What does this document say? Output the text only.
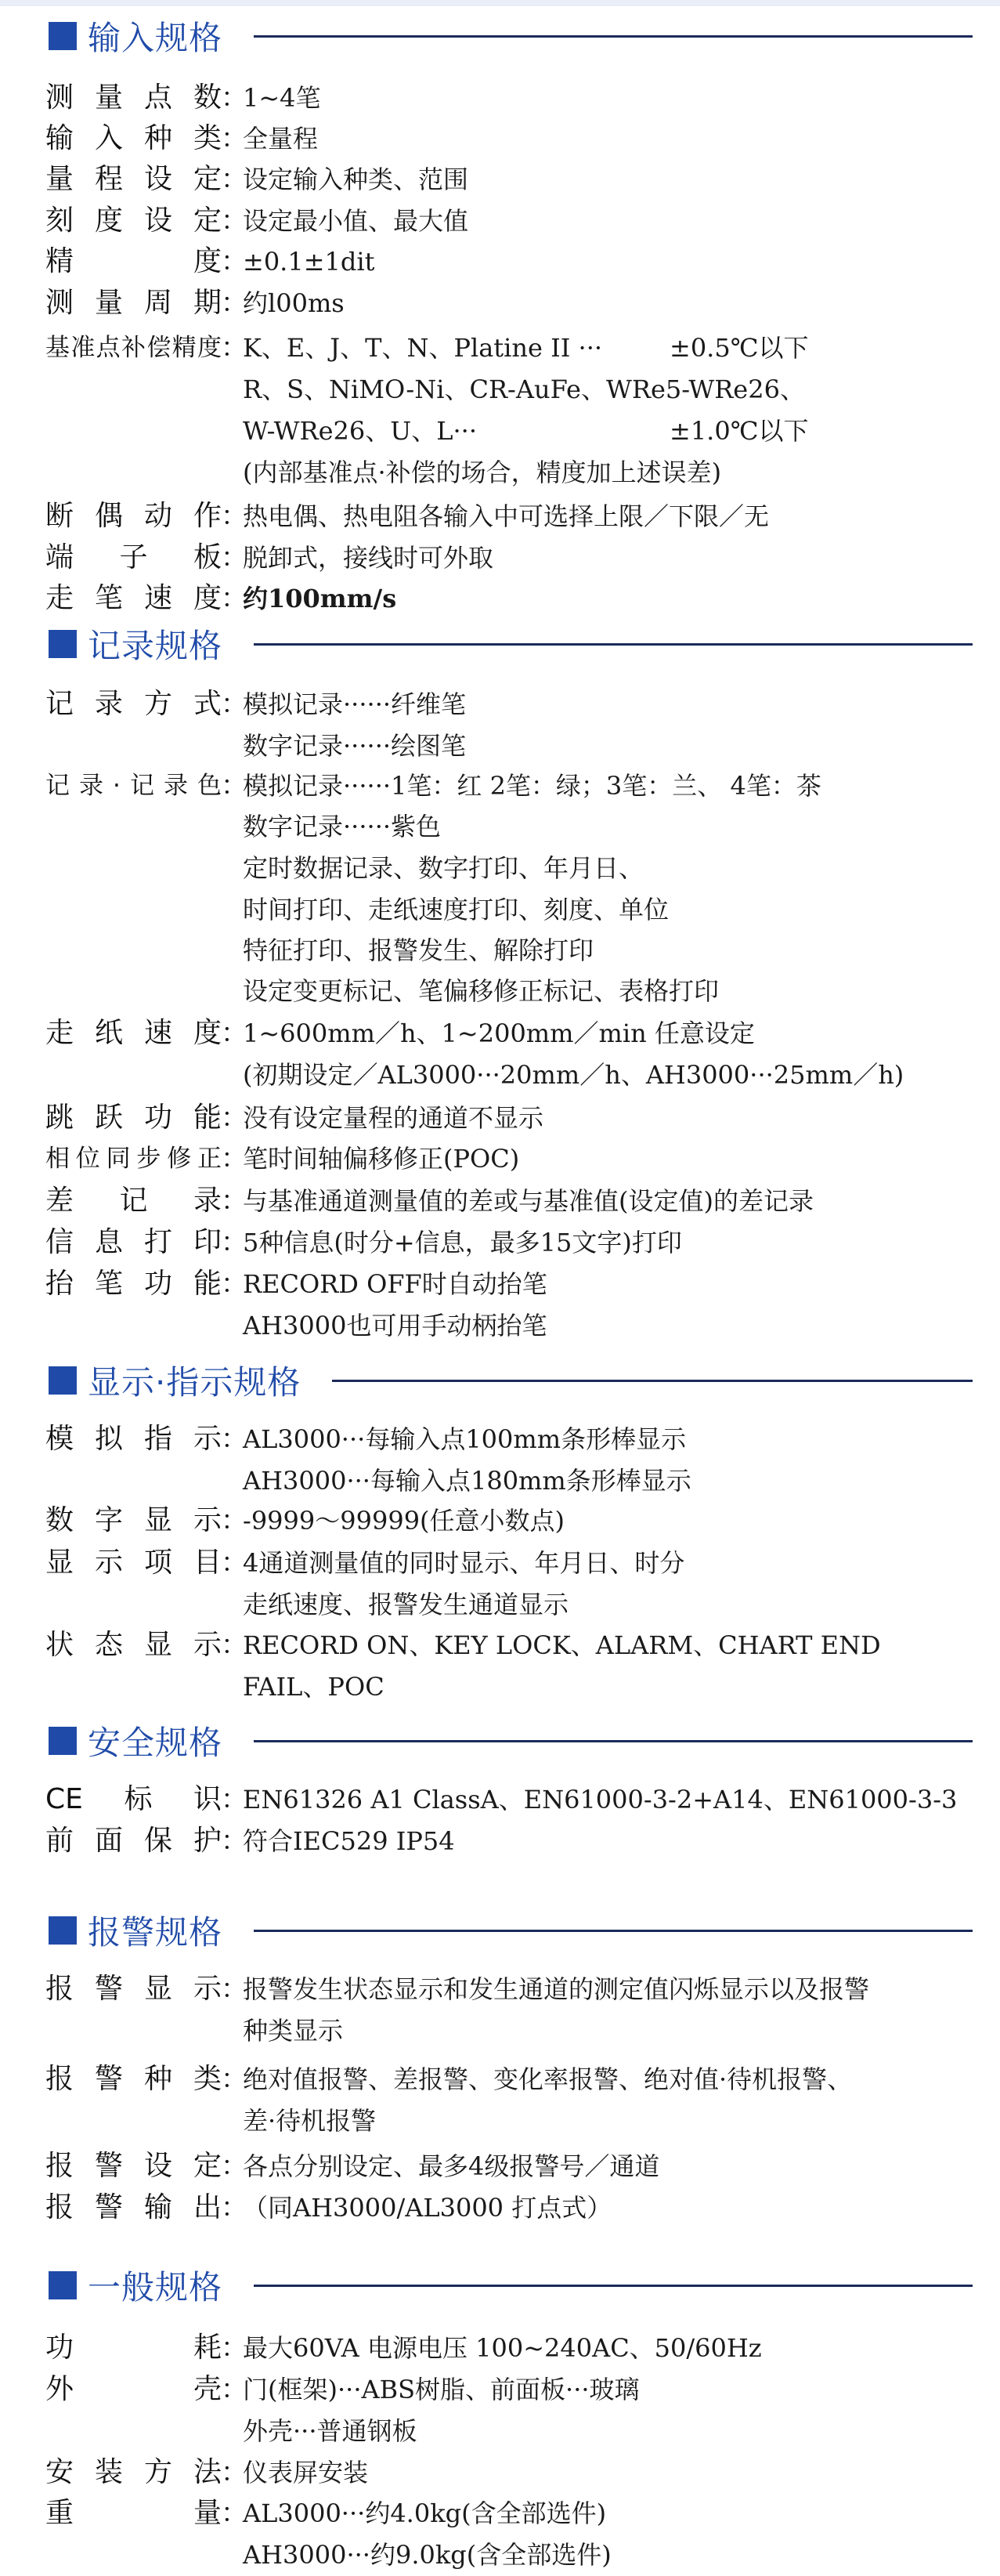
输入规格
测量点数 ：
1~4笔
输入种类 ：
全量程
量程设定 ：
设定输入种类、范围
刻度设定 ：
设定最小值、最大值
精度 ：
±0.1±1dit
测量周期 ：
约l00ms
基准点补偿精度 ：
K、E、J、T、N、Platine II ···	±0.5℃以下
R、S、NiMO-Ni、CR-AuFe、WRe5-WRe26、
W-WRe26、U、L···	±1.0℃以下
(内部基准点·补偿的场合，精度加上述误差)
断偶动作 ：
热电偶、热电阻各输入中可选择上限／下限／无
端子板 ：
脱卸式，接线时可外取
走笔速度 ：
约100mm/s
记录规格
记录方式 ：
模拟记录······纤维笔
数字记录······绘图笔
记录·记录色 ：
模拟记录······1笔：红 2笔：绿；3笔：兰、 4笔：茶
数字记录······紫色
定时数据记录、数字打印、年月日、
时间打印、走纸速度打印、刻度、单位
特征打印、报警发生、解除打印
设定变更标记、笔偏移修正标记、表格打印
走纸速度 ：
1~600mm／h、1~200mm／min 任意设定
(初期设定／AL3000···20mm／h、AH3000···25mm／h)
跳跃功能 ：
没有设定量程的通道不显示
相位同步修正 ：
笔时间轴偏移修正(POC)
差记录 ：
与基准通道测量值的差或与基准值(设定值)的差记录
信息打印 ：
5种信息(时分+信息，最多15文字)打印
抬笔功能 ：
RECORD OFF时自动抬笔
AH3000也可用手动柄抬笔
显示·指示规格
模拟指示 ：
AL3000···每输入点100mm条形棒显示
AH3000···每输入点180mm条形棒显示
数字显示 ：
-9999～99999(任意小数点)
显示项目 ：
4通道测量值的同时显示、年月日、时分
走纸速度、报警发生通道显示
状态显示 ：
RECORD ON、KEY LOCK、ALARM、CHART END
FAIL、POC
安全规格
CE标识 ：
EN61326 A1 ClassA、EN61000-3-2+A14、EN61000-3-3
前面保护 ：
符合IEC529 IP54
报警规格
报警显示 ：
报警发生状态显示和发生通道的测定值闪烁显示以及报警
种类显示
报警种类 ：
绝对值报警、差报警、变化率报警、绝对值·待机报警、
差·待机报警
报警设定 ：
各点分别设定、最多4级报警号／通道
报警输出 ：
（同AH3000/AL3000 打点式）
一般规格
功耗 ：
最大60VA 电源电压 100~240AC、50/60Hz
外壳 ：
门(框架)···ABS树脂、前面板···玻璃
外壳···普通钢板
安装方法 ：
仪表屏安装
重量 ：
AL3000···约4.0kg(含全部选件)
AH3000···约9.0kg(含全部选件)
